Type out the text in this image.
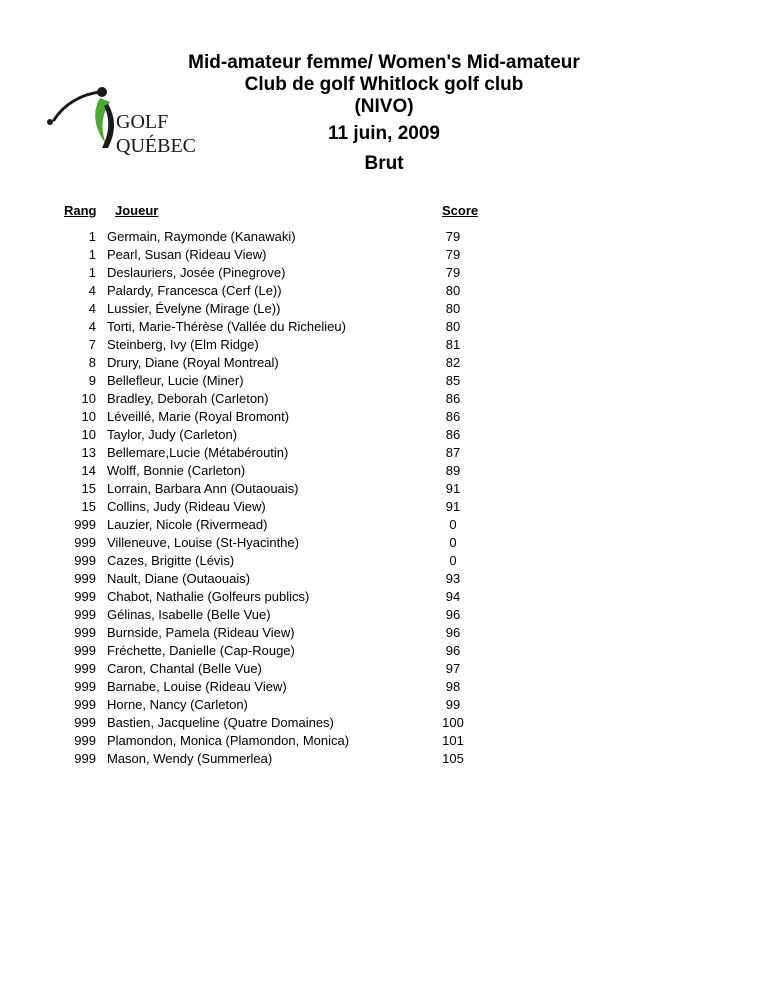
GOLF
QUÉBEC
Mid-amateur femme/ Women's Mid-amateur
Club de golf Whitlock golf club
(NIVO)
11 juin, 2009
Brut
Rang Joueur	Score
1 Germain, Raymonde (Kanawaki)	79
1 Pearl, Susan (Rideau View)	79
1 Deslauriers, Josée (Pinegrove)	79
4 Palardy, Francesca (Cerf (Le))	80
4 Lussier, Évelyne (Mirage (Le))	80
4 Torti, Marie-Thérèse (Vallée du Richelieu)	80
7 Steinberg, Ivy (Elm Ridge)	81
8 Drury, Diane (Royal Montreal)	82
9 Bellefleur, Lucie (Miner)	85
10 Bradley, Deborah (Carleton)	86
10 Léveillé, Marie (Royal Bromont)	86
10 Taylor, Judy (Carleton)	86
13 Bellemare,Lucie (Métabéroutin)	87
14 Wolff, Bonnie (Carleton)	89
15 Lorrain, Barbara Ann (Outaouais)	91
15 Collins, Judy (Rideau View)	91
999 Lauzier, Nicole (Rivermead)	0
999 Villeneuve, Louise (St-Hyacinthe)	0
999 Cazes, Brigitte (Lévis)	0
999 Nault, Diane (Outaouais)	93
999 Chabot, Nathalie (Golfeurs publics)	94
999 Gélinas, Isabelle (Belle Vue)	96
999 Burnside, Pamela (Rideau View)	96
999 Fréchette, Danielle (Cap-Rouge)	96
999 Caron, Chantal (Belle Vue)	97
999 Barnabe, Louise (Rideau View)	98
999 Horne, Nancy (Carleton)	99
999 Bastien, Jacqueline (Quatre Domaines)	100
999 Plamondon, Monica (Plamondon, Monica)	101
999 Mason, Wendy (Summerlea)	105
